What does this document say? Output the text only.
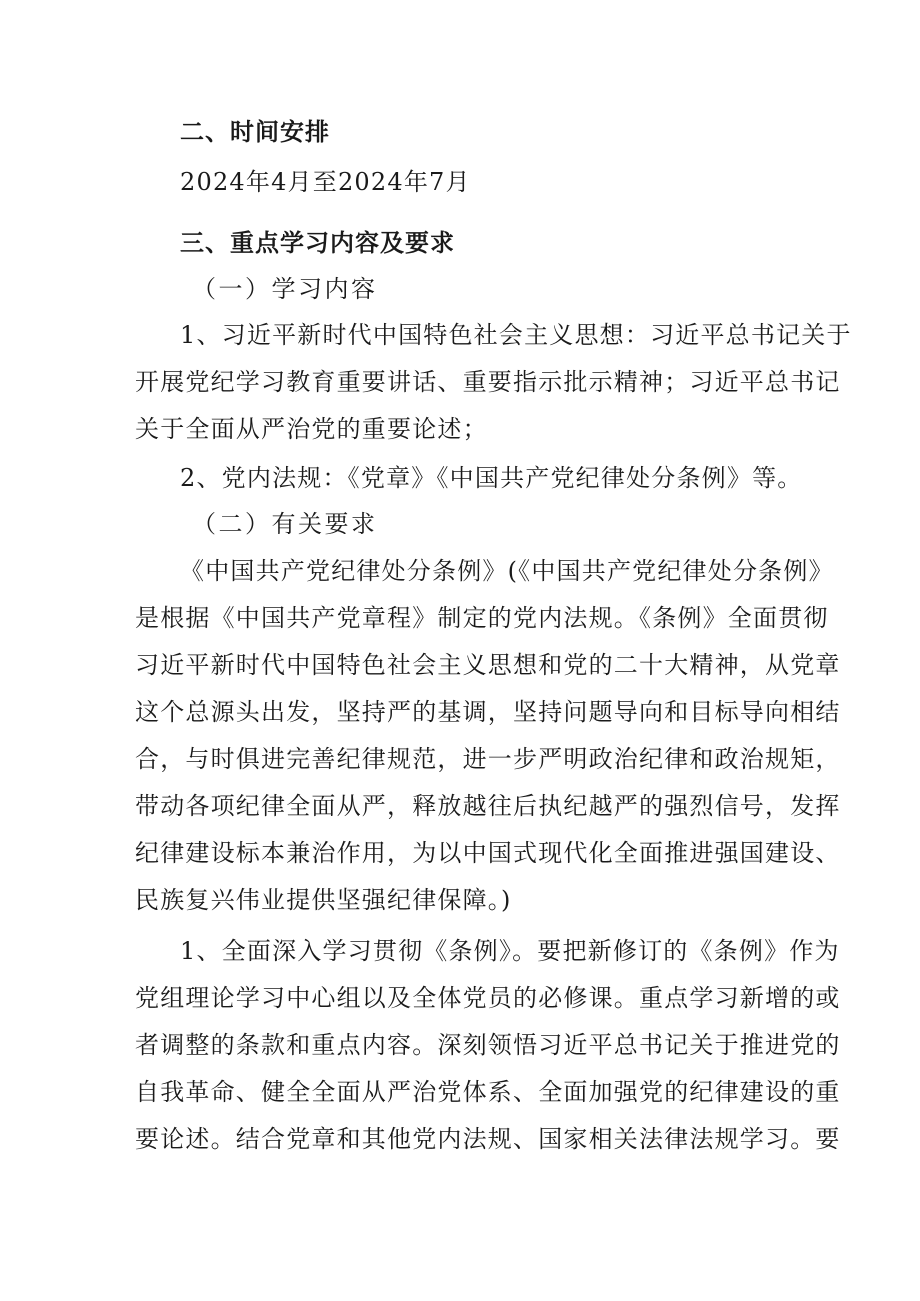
二、时间安排
2024年4月至2024年7月
三、重点学习内容及要求
（一）学习内容
1、习近平新时代中国特色社会主义思想：习近平总书记关于
开展党纪学习教育重要讲话、重要指示批示精神；习近平总书记
关于全面从严治党的重要论述；
2、党内法规：《党章》《中国共产党纪律处分条例》等。
（二）有关要求
《中国共产党纪律处分条例》(《中国共产党纪律处分条例》
是根据《中国共产党章程》制定的党内法规。《条例》全面贯彻
习近平新时代中国特色社会主义思想和党的二十大精神，从党章
这个总源头出发，坚持严的基调，坚持问题导向和目标导向相结
合，与时俱进完善纪律规范，进一步严明政治纪律和政治规矩，
带动各项纪律全面从严，释放越往后执纪越严的强烈信号，发挥
纪律建设标本兼治作用，为以中国式现代化全面推进强国建设、
民族复兴伟业提供坚强纪律保障。)
1、全面深入学习贯彻《条例》。要把新修订的《条例》作为
党组理论学习中心组以及全体党员的必修课。重点学习新增的或
者调整的条款和重点内容。深刻领悟习近平总书记关于推进党的
自我革命、健全全面从严治党体系、全面加强党的纪律建设的重
要论述。结合党章和其他党内法规、国家相关法律法规学习。要
